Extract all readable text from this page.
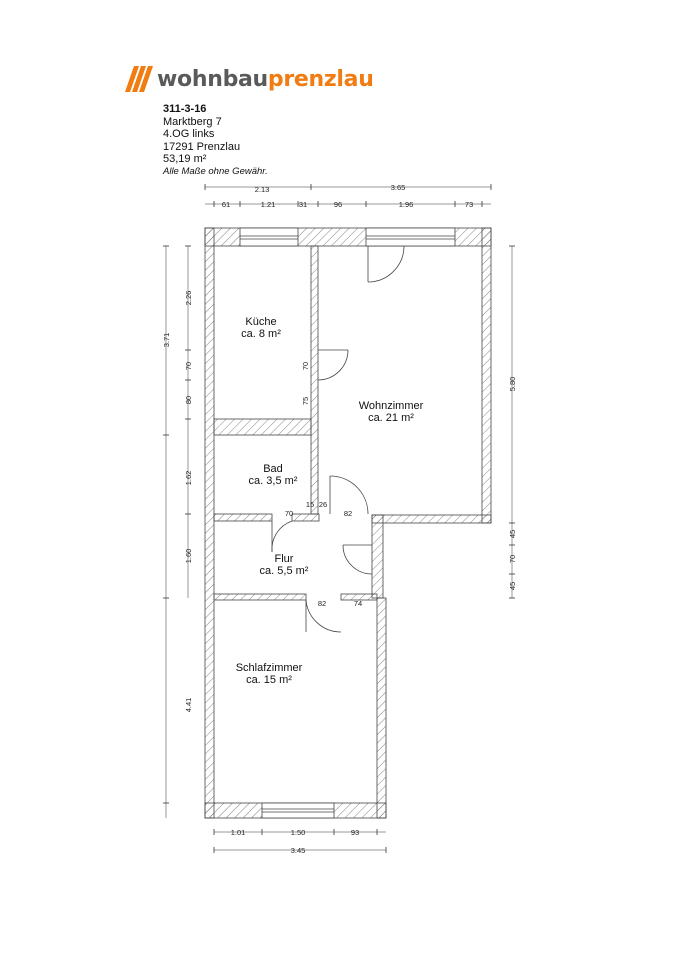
wohnbauprenzlau
311-3-16
Marktberg 7
4.OG links
17291 Prenzlau
53,19 m²
Alle Maße ohne Gewähr.
2.13	3.65
61	1.21	31	96	1.96	73
1.01	1.50	93
3.45
3.71
1.60
4.41
2.26
70
80
1.62
5.80
45
70
45
70
75
15 26
70	82
82	74
Küche
ca. 8 m²
Wohnzimmer
ca. 21 m²
Bad
ca. 3,5 m²
Flur
ca. 5,5 m²
Schlafzimmer
ca. 15 m²
